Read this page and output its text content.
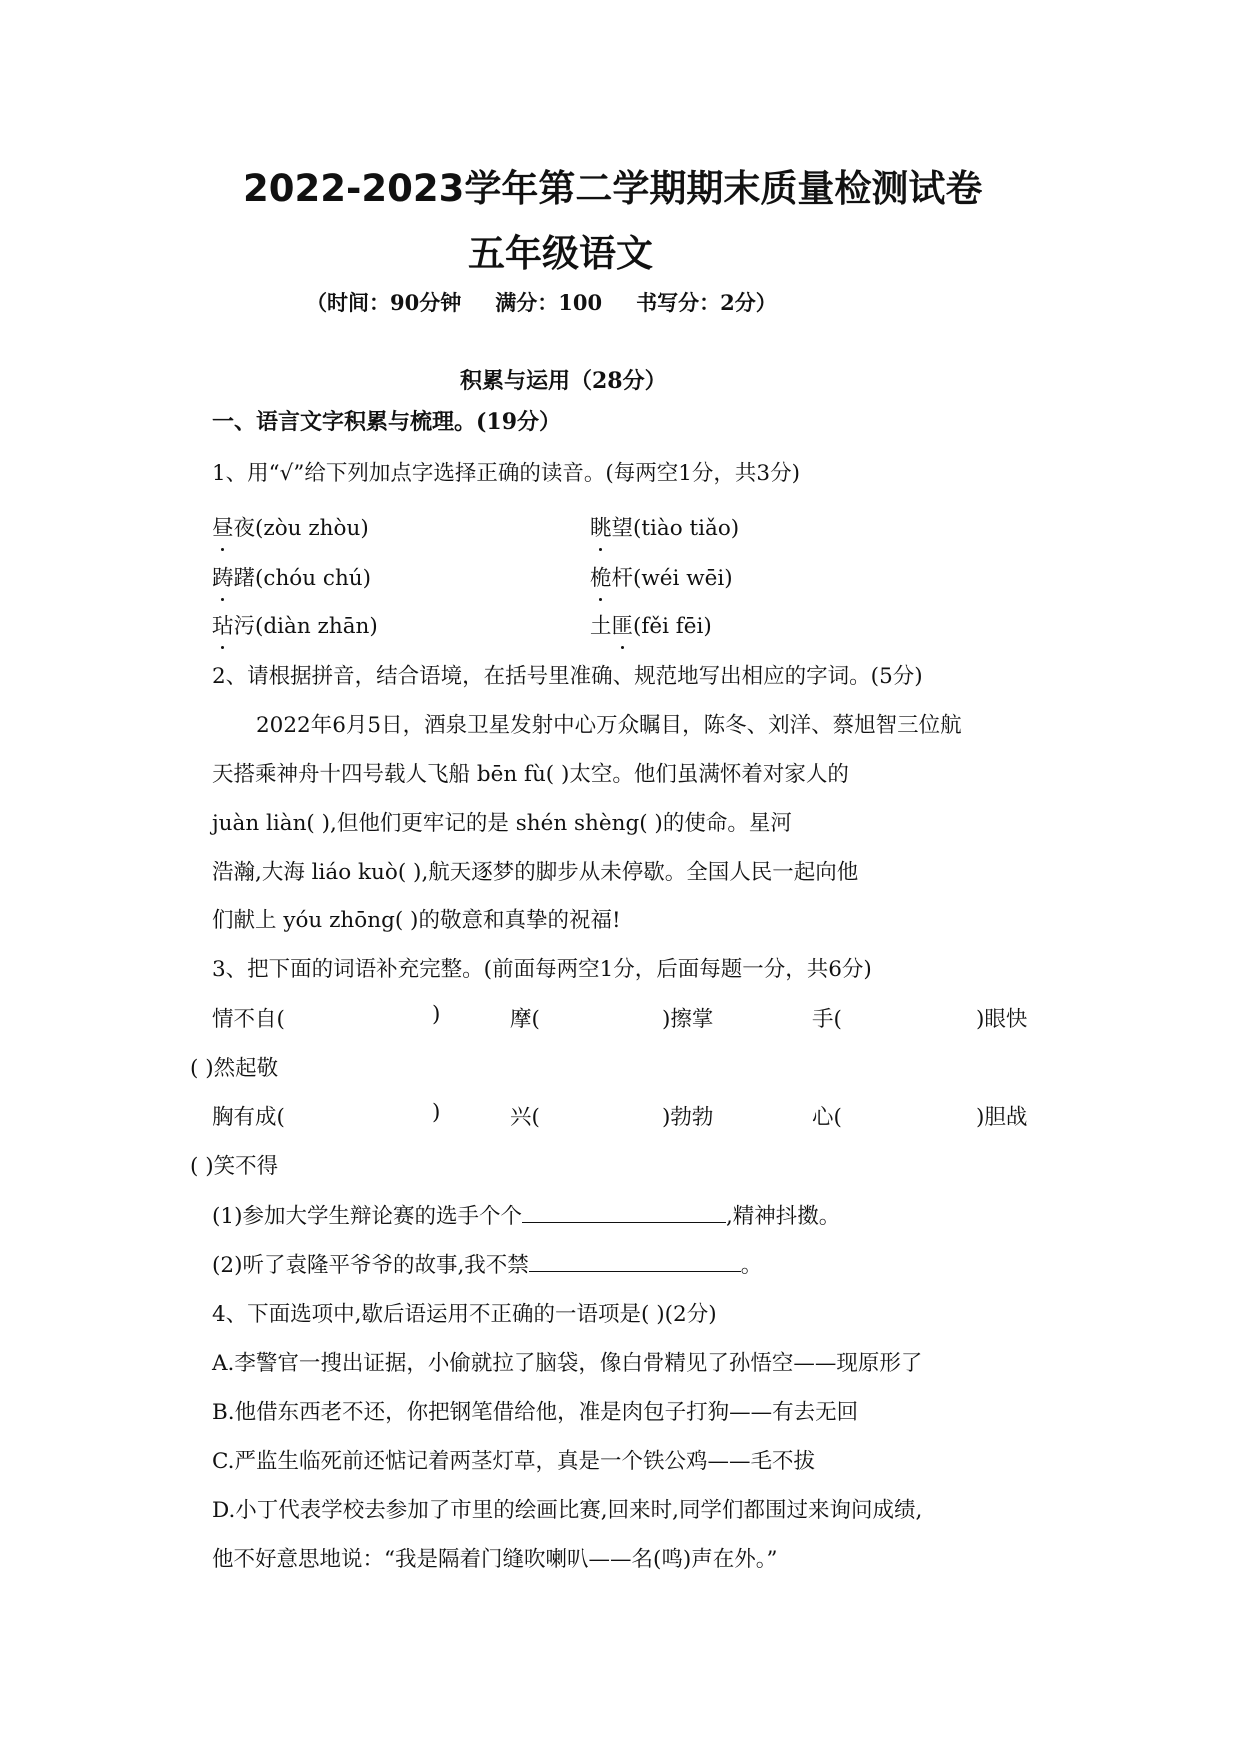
2022-2023学年第二学期期末质量检测试卷
五年级语文
（时间：90分钟 满分：100 书写分：2分）
积累与运用（28分）
一、语言文字积累与梳理。(19分）
1、用“√”给下列加点字选择正确的读音。(每两空1分，共3分)
昼夜(zòu zhòu)	眺望(tiào tiǎo)
踌躇(chóu chú)	桅杆(wéi wēi)
玷污(diàn zhān)	土匪(fěi fēi)
2、请根据拼音，结合语境，在括号里准确、规范地写出相应的字词。(5分)
2022年6月5日，酒泉卫星发射中心万众瞩目，陈冬、刘洋、蔡旭智三位航
天搭乘神舟十四号载人飞船 bēn fù( )太空。他们虽满怀着对家人的
juàn liàn( ),但他们更牢记的是 shén shèng( )的使命。星河
浩瀚,大海 liáo kuò( ),航天逐梦的脚步从未停歇。全国人民一起向他
们献上 yóu zhōng( )的敬意和真挚的祝福!
3、把下面的词语补充完整。(前面每两空1分，后面每题一分，共6分)
情不自(	)	摩(	)擦掌	手(	)眼快
( )然起敬
胸有成(	)	兴(	)勃勃	心(	)胆战
( )笑不得
(1)参加大学生辩论赛的选手个个	,精神抖擞。
(2)听了袁隆平爷爷的故事,我不禁	。
4、下面选项中,歇后语运用不正确的一语项是( )(2分)
A.李警官一搜出证据，小偷就拉了脑袋，像白骨精见了孙悟空——现原形了
B.他借东西老不还，你把钢笔借给他，准是肉包子打狗——有去无回
C.严监生临死前还惦记着两茎灯草，真是一个铁公鸡——毛不拔
D.小丁代表学校去参加了市里的绘画比赛,回来时,同学们都围过来询问成绩,
他不好意思地说：“我是隔着门缝吹喇叭——名(鸣)声在外。”
